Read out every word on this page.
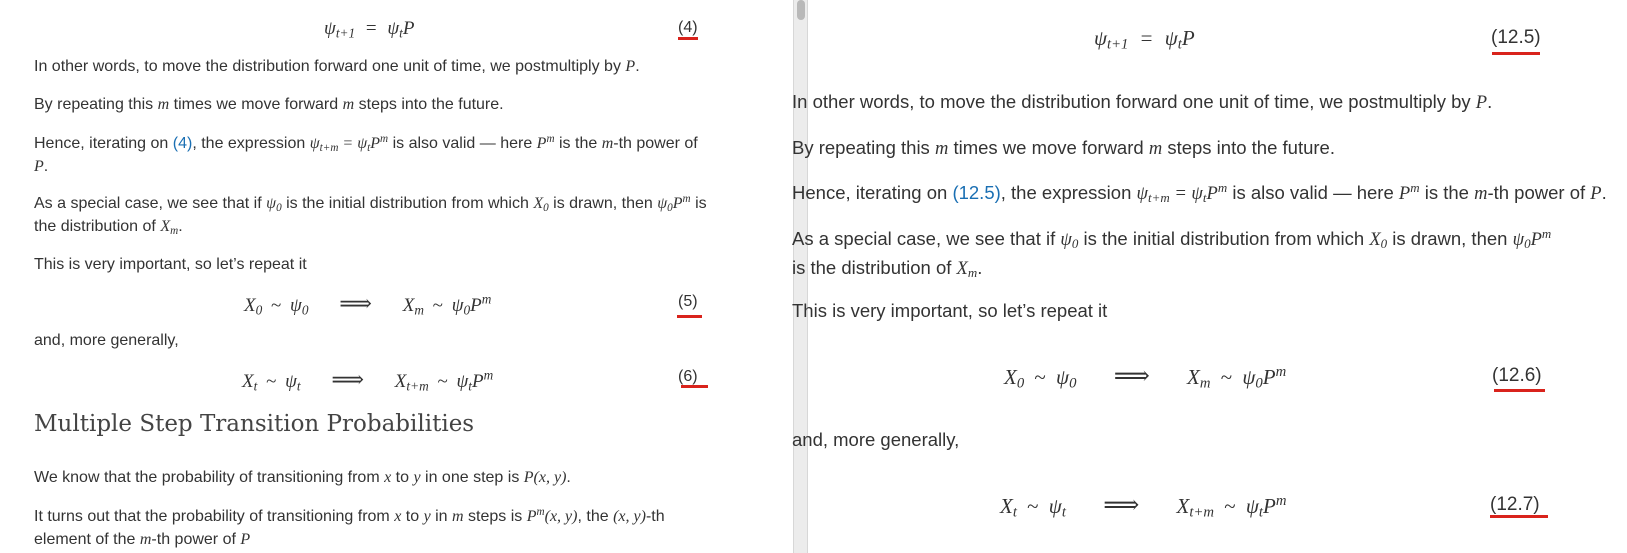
$\psi_{t+1} = \psi_tP$	(4)
In other words, to move the distribution forward one unit of time, we postmultiply by P.
By repeating this m times we move forward m steps into the future.
Hence, iterating on (4), the expression $\psi_{t+m} = \psi_tP^m$ is also valid — here $P^m$ is the m-th power of P.
As a special case, we see that if $\psi_0$ is the initial distribution from which $X_0$ is drawn, then $\psi_0P^m$ is the distribution of $X_m$.
This is very important, so let’s repeat it
$X_0$ ~ $\psi_0$ ⟹ $X_m$ ~ $\psi_0P^m$	(5)
and, more generally,
$X_t$ ~ $\psi_t$ ⟹ $X_{t+m}$ ~ $\psi_tP^m$	(6)
Multiple Step Transition Probabilities
We know that the probability of transitioning from x to y in one step is P(x, y).
It turns out that the probability of transitioning from x to y in m steps is $P^m(x$, y), the (x, y)-th element of the m-th power of P
$\psi_{t+1} = \psi_tP$	(12.5)
In other words, to move the distribution forward one unit of time, we postmultiply by P.
By repeating this m times we move forward m steps into the future.
Hence, iterating on (12.5), the expression $\psi_{t+m} = \psi_tP^m$ is also valid — here $P^m$ is the m-th power of P.
As a special case, we see that if $\psi_0$ is the initial distribution from which $X_0$ is drawn, then $\psi_0P^m$ is the distribution of $X_m$.
This is very important, so let’s repeat it
$X_0$ ~ $\psi_0$ ⟹ $X_m$ ~ $\psi_0P^m$	(12.6)
and, more generally,
$X_t$ ~ $\psi_t$ ⟹ $X_{t+m}$ ~ $\psi_tP^m$	(12.7)
